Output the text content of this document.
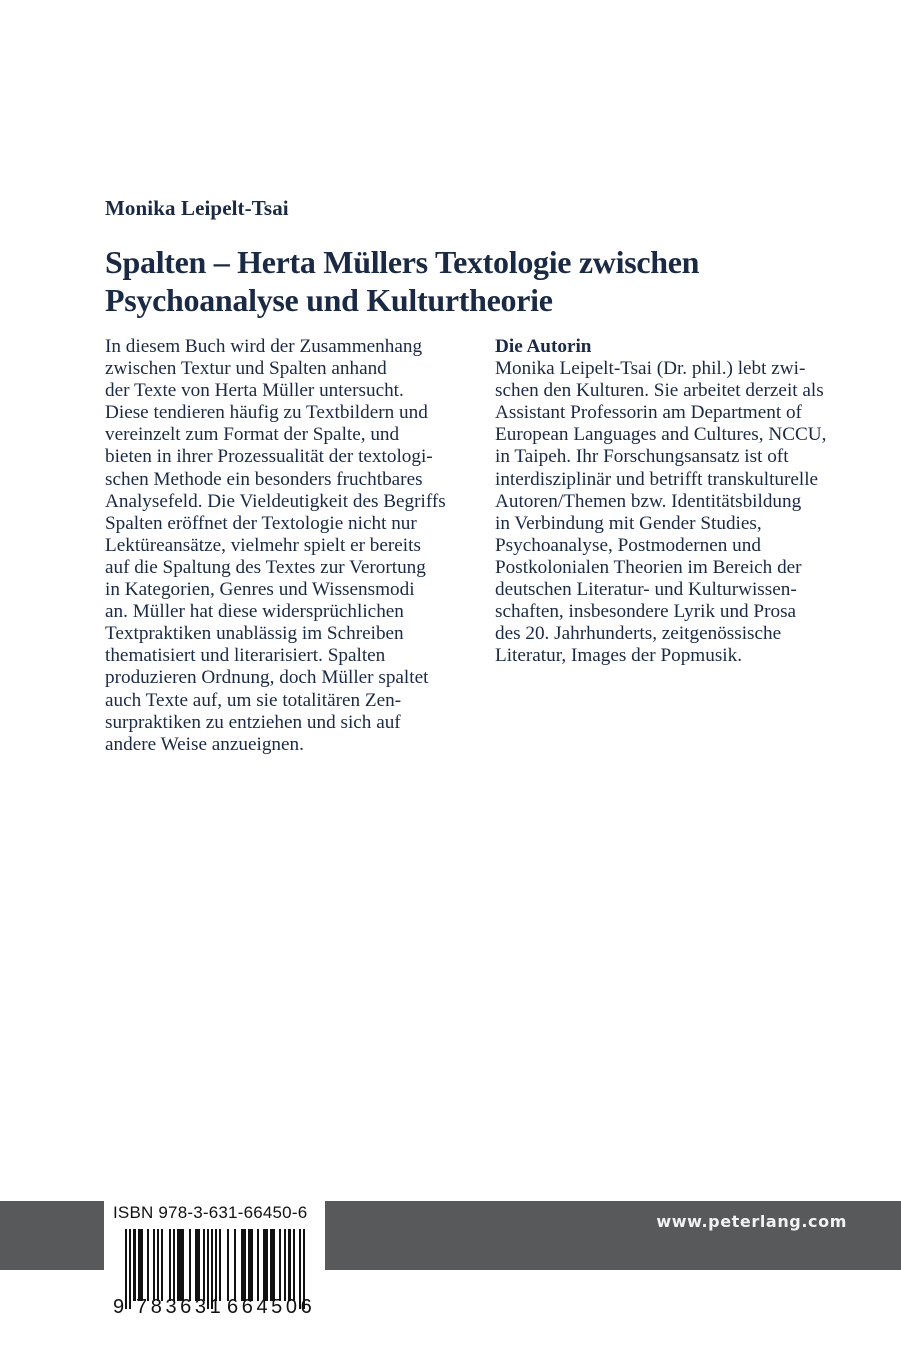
Monika Leipelt-Tsai
Spalten – Herta Müllers Textologie zwischen
Psychoanalyse und Kulturtheorie
In diesem Buch wird der Zusammenhang
zwischen Textur und Spalten anhand
der Texte von Herta Müller untersucht.
Diese tendieren häufig zu Textbildern und
vereinzelt zum Format der Spalte, und
bieten in ihrer Prozessualität der textologi-
schen Methode ein besonders fruchtbares
Analysefeld. Die Vieldeutigkeit des Begriffs
Spalten eröffnet der Textologie nicht nur
Lektüreansätze, vielmehr spielt er bereits
auf die Spaltung des Textes zur Verortung
in Kategorien, Genres und Wissensmodi
an. Müller hat diese widersprüchlichen
Textpraktiken unablässig im Schreiben
thematisiert und literarisiert. Spalten
produzieren Ordnung, doch Müller spaltet
auch Texte auf, um sie totalitären Zen-
surpraktiken zu entziehen und sich auf
andere Weise anzueignen.
Die Autorin
Monika Leipelt-Tsai (Dr. phil.) lebt zwi-
schen den Kulturen. Sie arbeitet derzeit als
Assistant Professorin am Department of
European Languages and Cultures, NCCU,
in Taipeh. Ihr Forschungsansatz ist oft
interdisziplinär und betrifft transkulturelle
Autoren/Themen bzw. Identitätsbildung
in Verbindung mit Gender Studies,
Psychoanalyse, Postmodernen und
Postkolonialen Theorien im Bereich der
deutschen Literatur- und Kulturwissen-
schaften, insbesondere Lyrik und Prosa
des 20. Jahrhunderts, zeitgenössische
Literatur, Images der Popmusik.
www.peterlang.com
ISBN 978-3-631-66450-6
9 783631 664506
